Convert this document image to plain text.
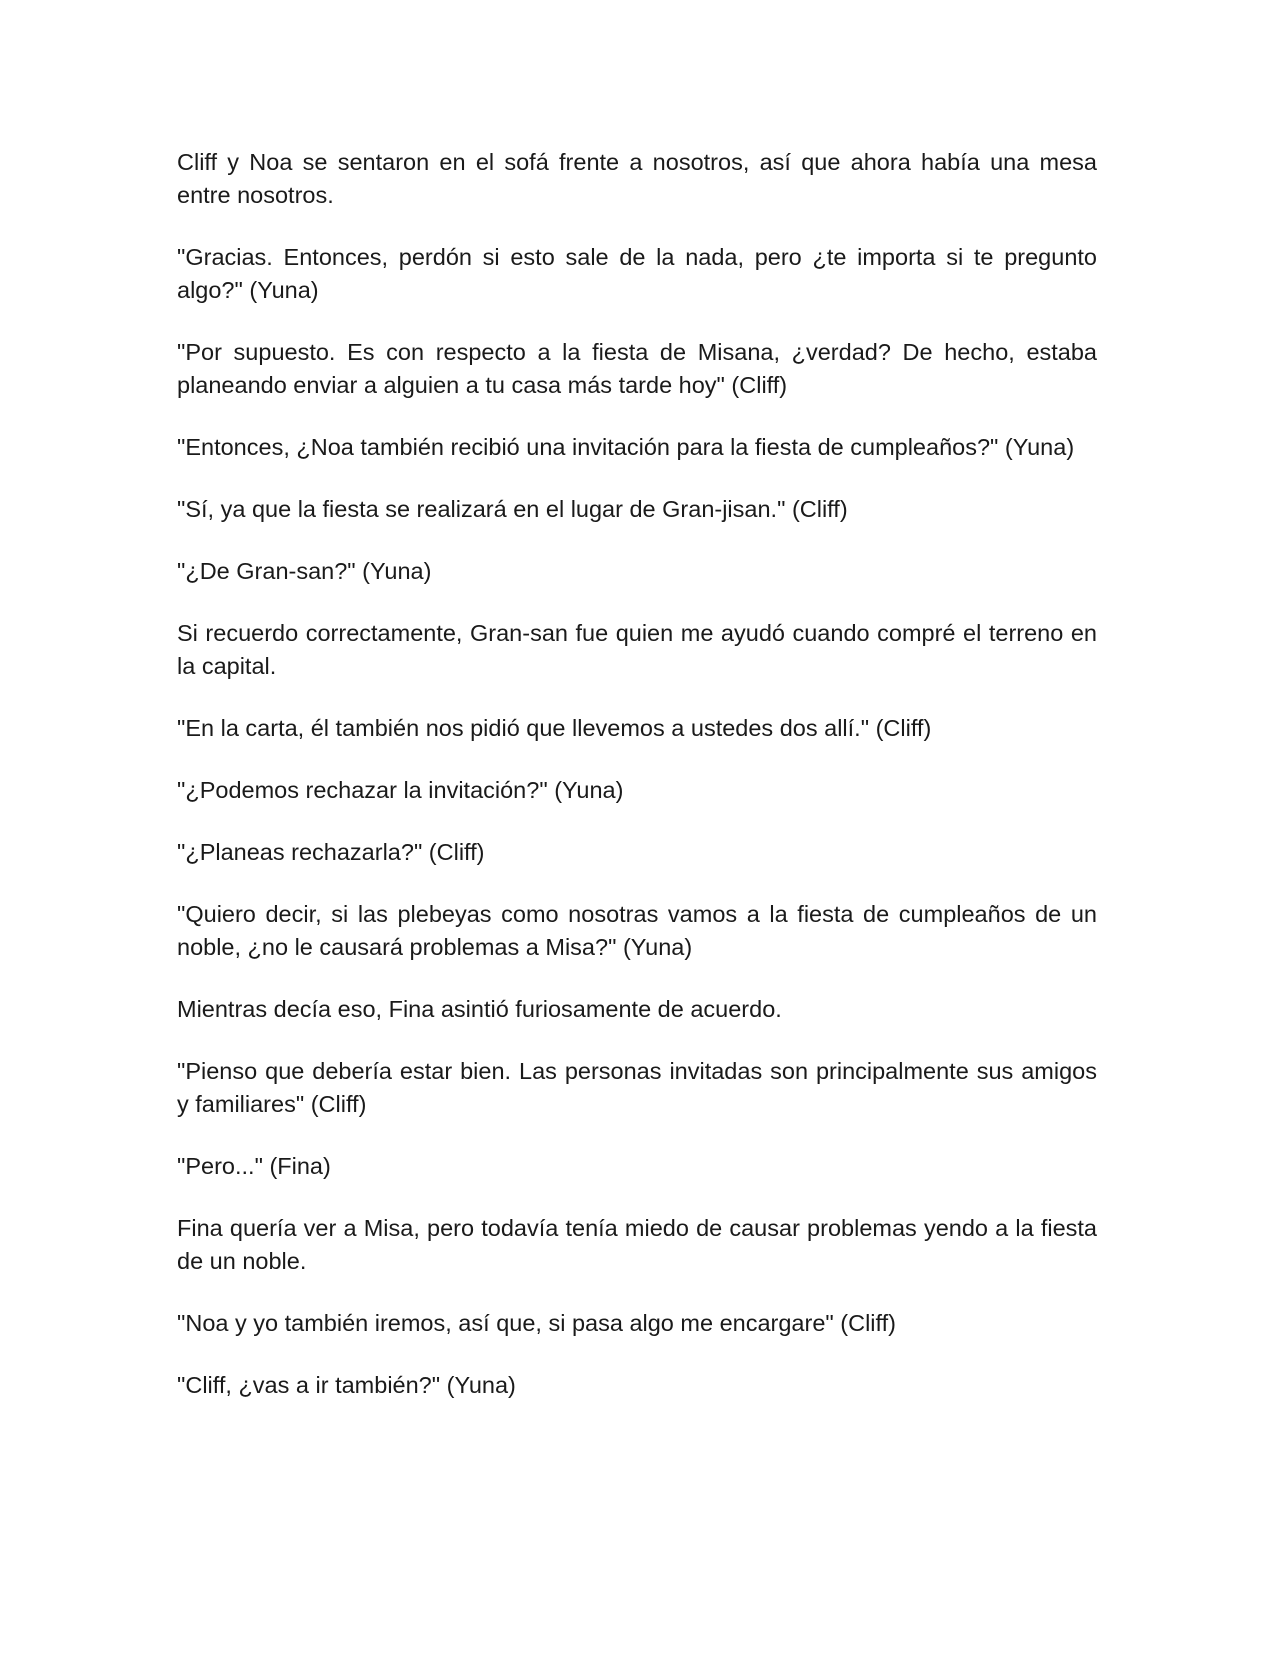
Cliff y Noa se sentaron en el sofá frente a nosotros, así que ahora había una mesa entre nosotros.

"Gracias. Entonces, perdón si esto sale de la nada, pero ¿te importa si te pregunto algo?" (Yuna)

"Por supuesto. Es con respecto a la fiesta de Misana, ¿verdad? De hecho, estaba planeando enviar a alguien a tu casa más tarde hoy" (Cliff)

"Entonces, ¿Noa también recibió una invitación para la fiesta de cumpleaños?" (Yuna)

"Sí, ya que la fiesta se realizará en el lugar de Gran-jisan." (Cliff)

"¿De Gran-san?" (Yuna)

Si recuerdo correctamente, Gran-san fue quien me ayudó cuando compré el terreno en la capital.

"En la carta, él también nos pidió que llevemos a ustedes dos allí." (Cliff)

"¿Podemos rechazar la invitación?" (Yuna)

"¿Planeas rechazarla?" (Cliff)

"Quiero decir, si las plebeyas como nosotras vamos a la fiesta de cumpleaños de un noble, ¿no le causará problemas a Misa?" (Yuna)

Mientras decía eso, Fina asintió furiosamente de acuerdo.

"Pienso que debería estar bien. Las personas invitadas son principalmente sus amigos y familiares" (Cliff)

"Pero..." (Fina)

Fina quería ver a Misa, pero todavía tenía miedo de causar problemas yendo a la fiesta de un noble.

"Noa y yo también iremos, así que, si pasa algo me encargare" (Cliff)

"Cliff, ¿vas a ir también?" (Yuna)
